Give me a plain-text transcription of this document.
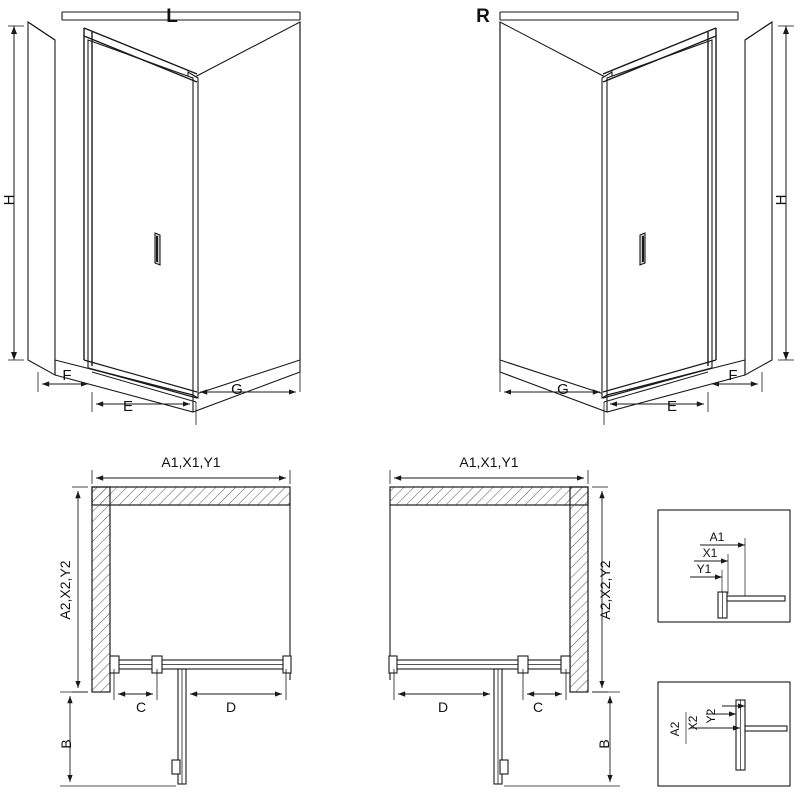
L	R
H	H
F
E
G
F
E
G
A1,X1,Y1
A2,X2,Y2
B
C	D
A1,X1,Y1
A2,X2,Y2
B
D	C
A1
X1
Y1
A2 X2 Y2
